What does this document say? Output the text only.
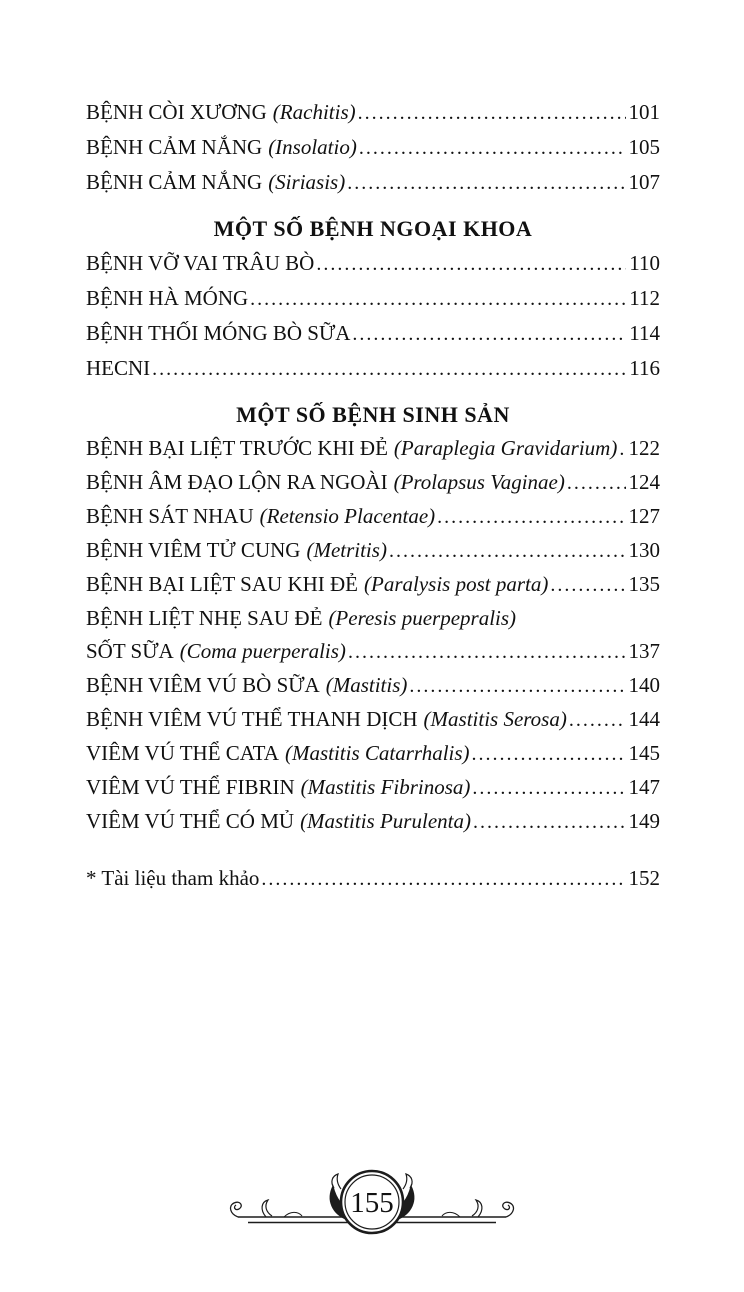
BỆNH CÒI XƯƠNG (Rachitis) .....	101
BỆNH CẢM NẮNG (Insolatio) .....	105
BỆNH CẢM NẮNG (Siriasis) .....	107
MỘT SỐ BỆNH NGOẠI KHOA
BỆNH VỠ VAI TRÂU BÒ .....	110
BỆNH HÀ MÓNG .....	112
BỆNH THỐI MÓNG BÒ SỮA .....	114
HECNI .....	116
MỘT SỐ BỆNH SINH SẢN
BỆNH BẠI LIỆT TRƯỚC KHI ĐẺ (Paraplegia Gravidarium) ..... 122
BỆNH ÂM ĐẠO LỘN RA NGOÀI (Prolapsus Vaginae) .....	124
BỆNH SÁT NHAU (Retensio Placentae) .....	127
BỆNH VIÊM TỬ CUNG (Metritis) .....	130
BỆNH BẠI LIỆT SAU KHI ĐẺ (Paralysis post parta) .....	135
BỆNH LIỆT NHẸ SAU ĐẺ (Peresis puerpepralis)
SỐT SỮA (Coma puerperalis) .....	137
BỆNH VIÊM VÚ BÒ SỮA (Mastitis) .....	140
BỆNH VIÊM VÚ THỂ THANH DỊCH (Mastitis Serosa) .....	144
VIÊM VÚ THỂ CATA (Mastitis Catarrhalis) .....	145
VIÊM VÚ THỂ FIBRIN (Mastitis Fibrinosa) .....	147
VIÊM VÚ THỂ CÓ MỦ (Mastitis Purulenta) .....	149
* Tài liệu tham khảo .....	152
155
